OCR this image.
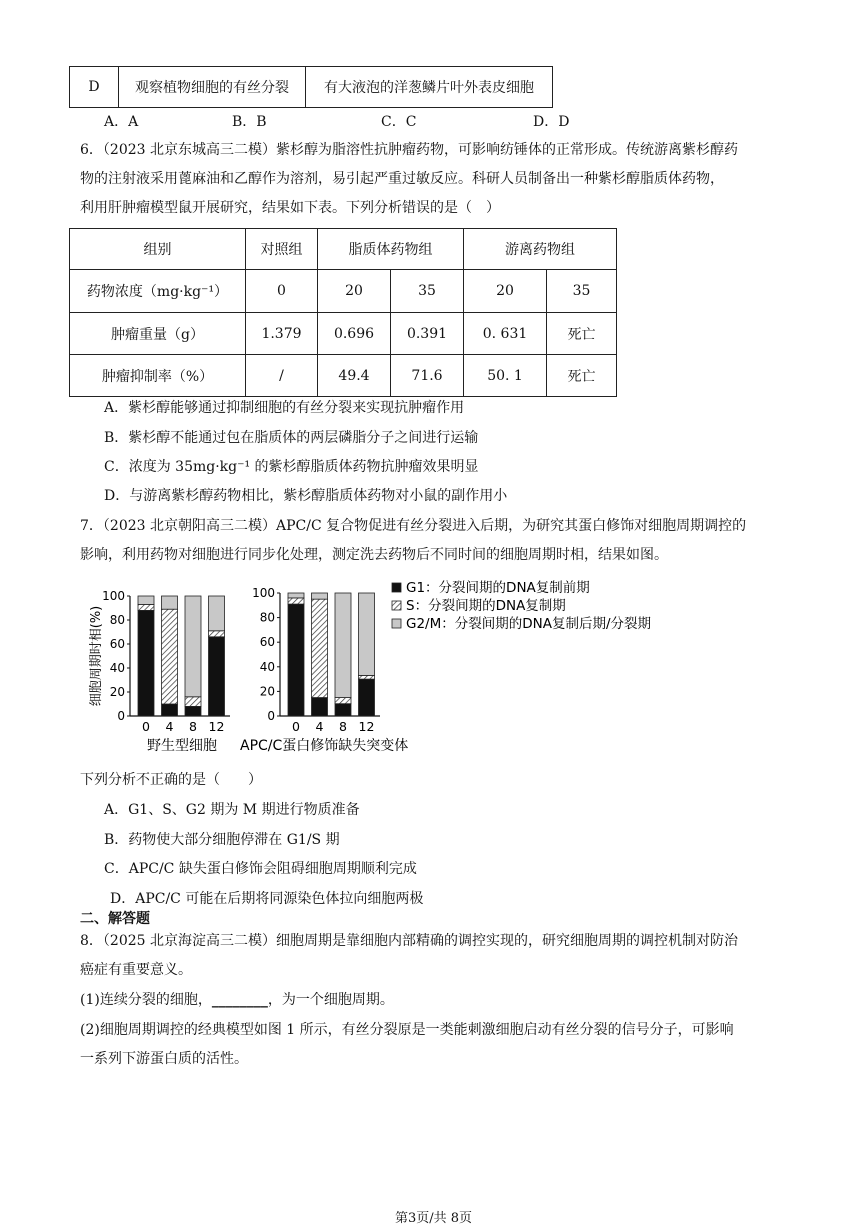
D	观察植物细胞的有丝分裂	有大液泡的洋葱鳞片叶外表皮细胞
A．A	B．B	C．C	D．D
6．（2023 北京东城高三二模）紫杉醇为脂溶性抗肿瘤药物，可影响纺锤体的正常形成。传统游离紫杉醇药
物的注射液采用蓖麻油和乙醇作为溶剂，易引起严重过敏反应。科研人员制备出一种紫杉醇脂质体药物，
利用肝肿瘤模型鼠开展研究，结果如下表。下列分析错误的是（　）
组别	对照组	脂质体药物组		游离药物组	
药物浓度（mg·kg⁻¹）	0	20	35	20	35
肿瘤重量（g）	1.379	0.696	0.391	0. 631	死亡
肿瘤抑制率（%）	/	49.4	71.6	50. 1	死亡
A．紫杉醇能够通过抑制细胞的有丝分裂来实现抗肿瘤作用
B．紫杉醇不能通过包在脂质体的两层磷脂分子之间进行运输
C．浓度为 35mg·kg⁻¹ 的紫杉醇脂质体药物抗肿瘤效果明显
D．与游离紫杉醇药物相比，紫杉醇脂质体药物对小鼠的副作用小
7．（2023 北京朝阳高三二模）APC/C 复合物促进有丝分裂进入后期，为研究其蛋白修饰对细胞周期调控的
影响，利用药物对细胞进行同步化处理，测定洗去药物后不同时间的细胞周期时相，结果如图。
0
20
40
60
80
100
0 4 8 12
野生型细胞
0
20
40
60
80
100
0 4 8 12
APC/C蛋白修饰缺失突变体
细胞周期时相(%)
G1：分裂间期的DNA复制前期
S：分裂间期的DNA复制期
G2/M：分裂间期的DNA复制后期/分裂期
下列分析不正确的是（　　）
A．G1、S、G2 期为 M 期进行物质准备
B．药物使大部分细胞停滞在 G1/S 期
C．APC/C 缺失蛋白修饰会阻碍细胞周期顺利完成
D．APC/C 可能在后期将同源染色体拉向细胞两极
二、解答题
8．（2025 北京海淀高三二模）细胞周期是靠细胞内部精确的调控实现的，研究细胞周期的调控机制对防治
癌症有重要意义。
(1)连续分裂的细胞，________，为一个细胞周期。
(2)细胞周期调控的经典模型如图 1 所示，有丝分裂原是一类能刺激细胞启动有丝分裂的信号分子，可影响
一系列下游蛋白质的活性。
第3页/共 8页
